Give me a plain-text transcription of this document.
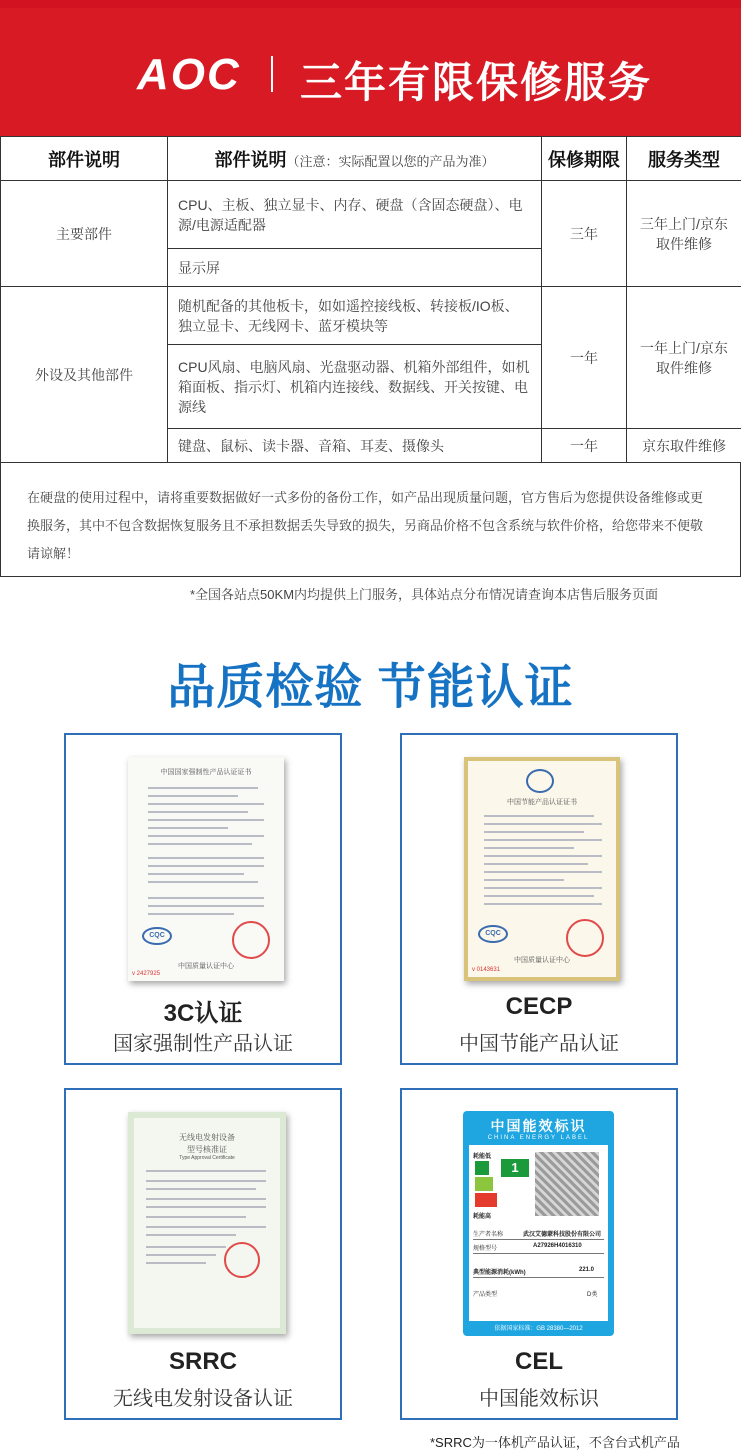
AOC 三年有限保修服务
部件说明	部件说明（注意：实际配置以您的产品为准）	保修期限	服务类型
主要部件	CPU、主板、独立显卡、内存、硬盘（含固态硬盘）、电源/电源适配器	三年	三年上门/京东取件维修
	显示屏		
外设及其他部件	随机配备的其他板卡，如如遥控接线板、转接板/IO板、独立显卡、无线网卡、蓝牙模块等	一年	一年上门/京东取件维修
	CPU风扇、电脑风扇、光盘驱动器、机箱外部组件，如机箱面板、指示灯、机箱内连接线、数据线、开关按键、电源线		
	键盘、鼠标、读卡器、音箱、耳麦、摄像头	一年	京东取件维修
在硬盘的使用过程中，请将重要数据做好一式多份的备份工作，如产品出现质量问题，官方售后为您提供设备维修或更换服务，其中不包含数据恢复服务且不承担数据丢失导致的损失，另商品价格不包含系统与软件价格，给您带来不便敬请谅解！
*全国各站点50KM内均提供上门服务，具体站点分布情况请查询本店售后服务页面
品质检验 节能认证
中国国家强制性产品认证证书
CQC
中国质量认证中心
v 2427925
3C认证
国家强制性产品认证
中国节能产品认证证书
CQC
中国质量认证中心
v 0143631
CECP
中国节能产品认证
无线电发射设备
型号核准证
Type Approval Certificate
SRRC
无线电发射设备认证
CEL
中国能效标识
中国能效标识
CHINA ENERGY LABEL
耗能低
1
耗能高
生产者名称	武汉艾德蒙科技股份有限公司
规格型号	A27926H4016310
典型能源消耗(kWh)	221.0
产品类型	D类
依据国家标准：GB 28380—2012
*SRRC为一体机产品认证，不含台式机产品
